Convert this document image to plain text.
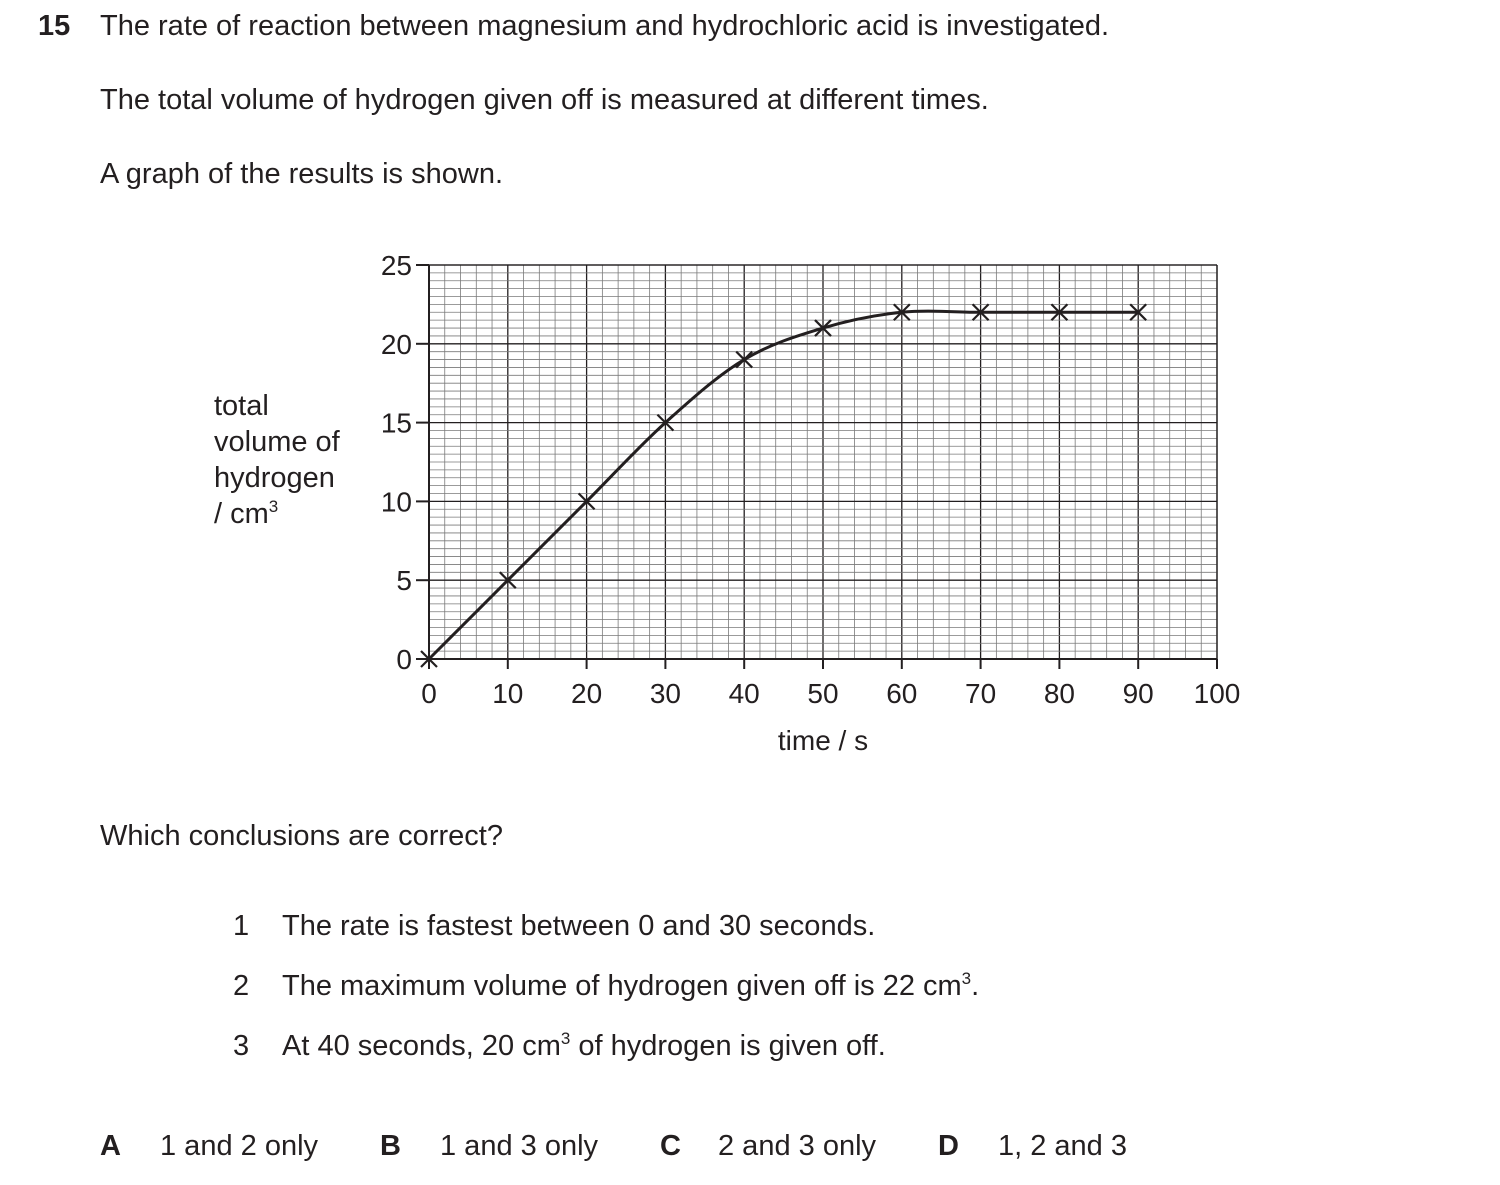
15 The rate of reaction between magnesium and hydrochloric acid is investigated.
The total volume of hydrogen given off is measured at different times.
A graph of the results is shown.
total
volume of
hydrogen
/ $cm^3$
0 10 20 30 40 50 60 70 80 90 100
0
5
10
15
20
25
time / s
Which conclusions are correct?
1 The rate is fastest between 0 and 30 seconds.
2 The maximum volume of hydrogen given off is 22 $cm^3$.
3 At 40 seconds, 20 $cm^3$ of hydrogen is given off.
A 1 and 2 only B 1 and 3 only C 2 and 3 only D 1, 2 and 3
